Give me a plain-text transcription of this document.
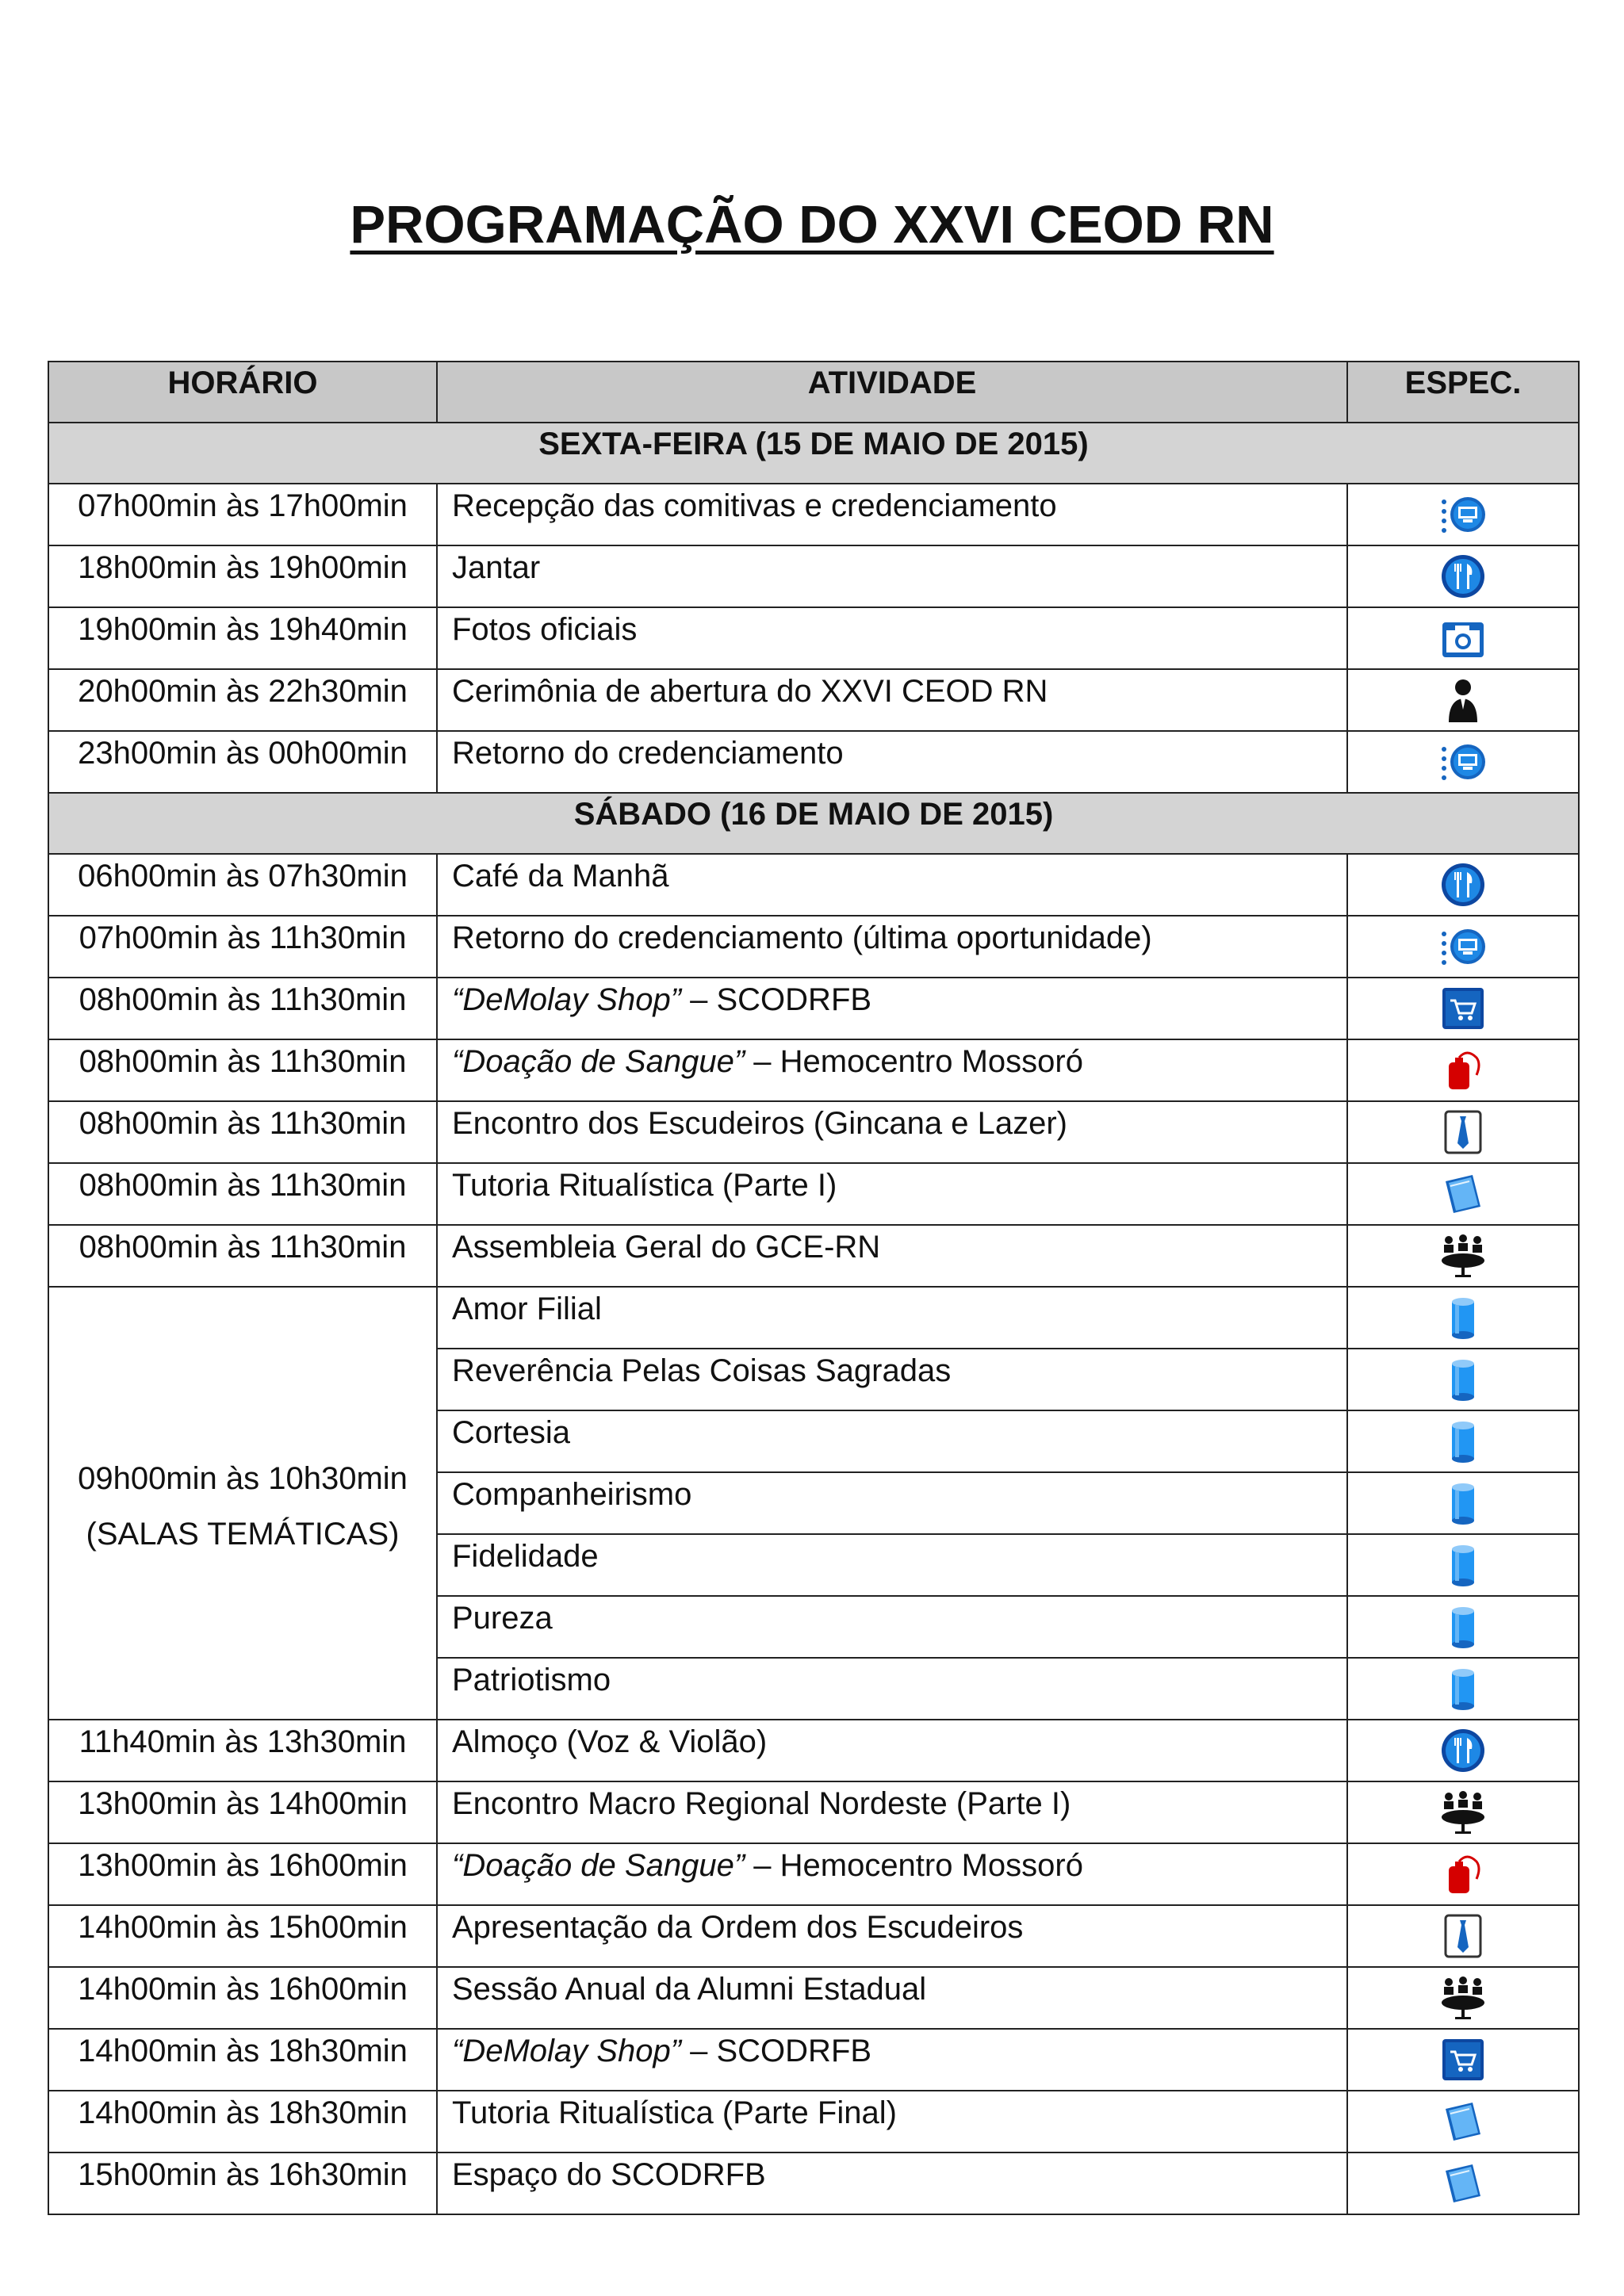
PROGRAMAÇÃO DO XXVI CEOD RN
HORÁRIO	ATIVIDADE	ESPEC.
SEXTA-FEIRA (15 DE MAIO DE 2015)		
07h00min às 17h00min	Recepção das comitivas e credenciamento	

18h00min às 19h00min	Jantar	

19h00min às 19h40min	Fotos oficiais	

20h00min às 22h30min	Cerimônia de abertura do XXVI CEOD RN	

23h00min às 00h00min	Retorno do credenciamento	

SÁBADO (16 DE MAIO DE 2015)		
06h00min às 07h30min	Café da Manhã	

07h00min às 11h30min	Retorno do credenciamento (última oportunidade)	

08h00min às 11h30min	“DeMolay Shop” – SCODRFB	

08h00min às 11h30min	“Doação de Sangue” – Hemocentro Mossoró	

08h00min às 11h30min	Encontro dos Escudeiros (Gincana e Lazer)	

08h00min às 11h30min	Tutoria Ritualística (Parte I)	

08h00min às 11h30min	Assembleia Geral do GCE-RN	

09h00min às 10h30min
(SALAS TEMÁTICAS)	Amor Filial	

	Reverência Pelas Coisas Sagradas	

	Cortesia	

	Companheirismo	

	Fidelidade	

	Pureza	

	Patriotismo	

11h40min às 13h30min	Almoço (Voz & Violão)	

13h00min às 14h00min	Encontro Macro Regional Nordeste (Parte I)	

13h00min às 16h00min	“Doação de Sangue” – Hemocentro Mossoró	

14h00min às 15h00min	Apresentação da Ordem dos Escudeiros	

14h00min às 16h00min	Sessão Anual da Alumni Estadual	

14h00min às 18h30min	“DeMolay Shop” – SCODRFB	

14h00min às 18h30min	Tutoria Ritualística (Parte Final)	

15h00min às 16h30min	Espaço do SCODRFB	
